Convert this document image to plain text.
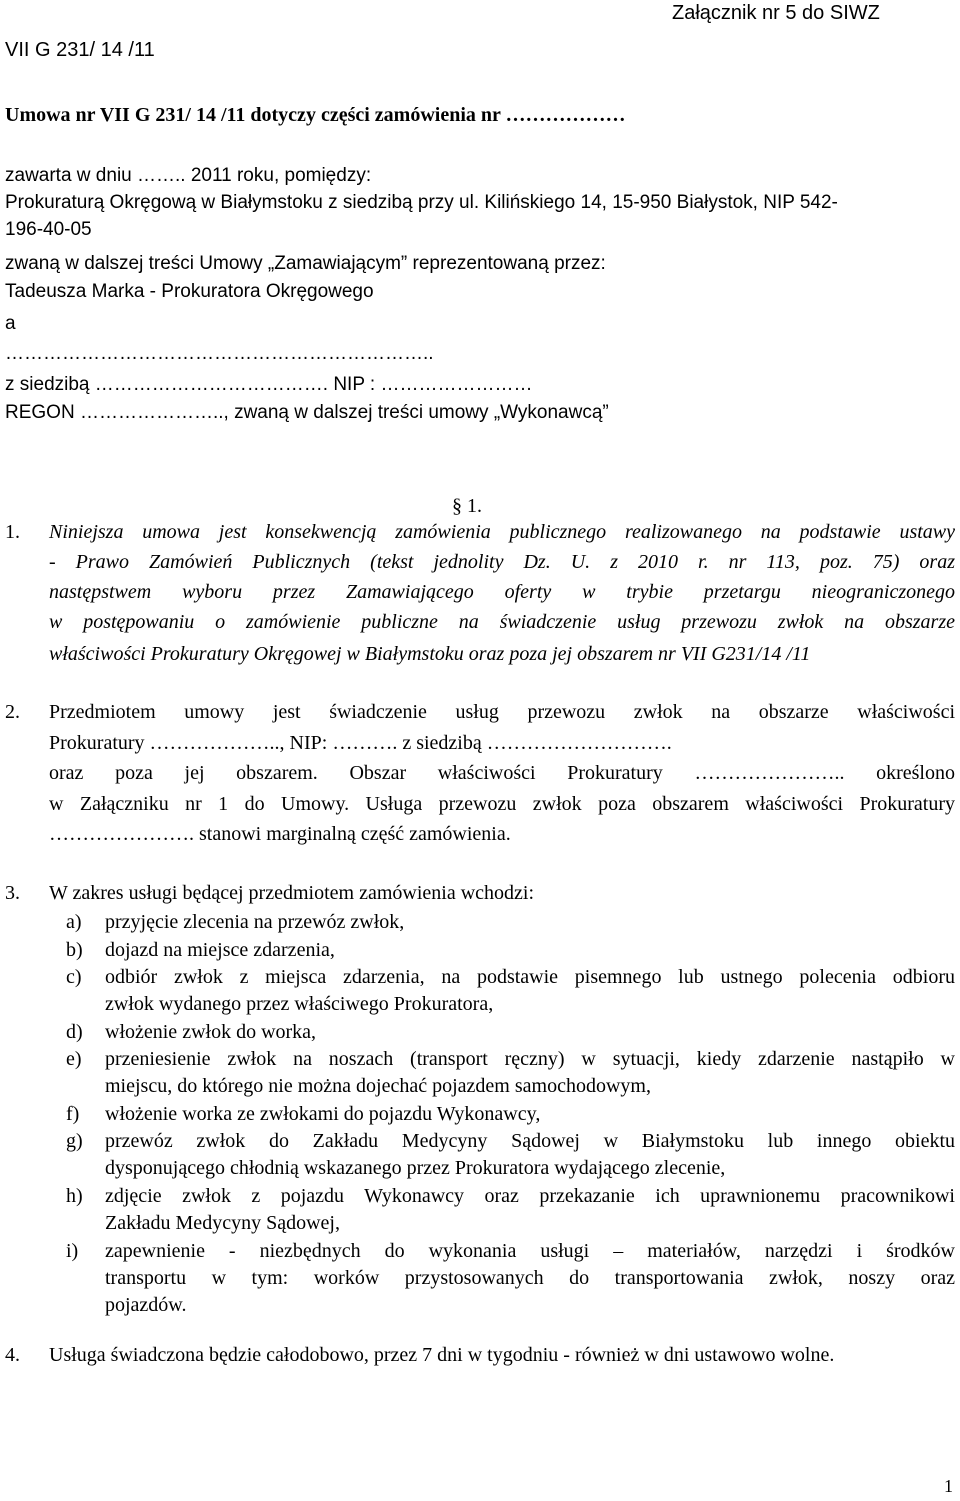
Załącznik nr 5 do SIWZ
VII G 231/ 14 /11
Umowa nr VII G 231/ 14 /11 dotyczy części zamówienia nr ………………
zawarta w dniu …….. 2011 roku, pomiędzy:
Prokuraturą Okręgową w Białymstoku z siedzibą przy ul. Kilińskiego 14, 15-950 Białystok, NIP 542-
196-40-05
zwaną w dalszej treści Umowy „Zamawiającym” reprezentowaną przez:
Tadeusza Marka - Prokuratora Okręgowego
a
…………………………………………………………..
z siedzibą ………………………………. NIP : ……………………
REGON ………………….., zwaną w dalszej treści umowy „Wykonawcą”
§ 1.
1. Niniejsza umowa jest konsekwencją zamówienia publicznego realizowanego na podstawie ustawy
- Prawo Zamówień Publicznych (tekst jednolity Dz. U. z 2010 r. nr 113, poz. 75) oraz
następstwem wyboru przez Zamawiającego oferty w trybie przetargu nieograniczonego
w postępowaniu o zamówienie publiczne na świadczenie usług przewozu zwłok na obszarze
właściwości Prokuratury Okręgowej w Białymstoku oraz poza jej obszarem nr VII G231/14 /11
2. Przedmiotem umowy jest świadczenie usług przewozu zwłok na obszarze właściwości
Prokuratury ……………….., NIP: ………. z siedzibą ……………………….
oraz poza jej obszarem. Obszar właściwości Prokuratury ………………….. określono
w Załączniku nr 1 do Umowy. Usługa przewozu zwłok poza obszarem właściwości Prokuratury
…………………. stanowi marginalną część zamówienia.
3. W zakres usługi będącej przedmiotem zamówienia wchodzi:
a) przyjęcie zlecenia na przewóz zwłok,
b) dojazd na miejsce zdarzenia,
c) odbiór zwłok z miejsca zdarzenia, na podstawie pisemnego lub ustnego polecenia odbioru
zwłok wydanego przez właściwego Prokuratora,
d) włożenie zwłok do worka,
e) przeniesienie zwłok na noszach (transport ręczny) w sytuacji, kiedy zdarzenie nastąpiło w
miejscu, do którego nie można dojechać pojazdem samochodowym,
f) włożenie worka ze zwłokami do pojazdu Wykonawcy,
g) przewóz zwłok do Zakładu Medycyny Sądowej w Białymstoku lub innego obiektu
dysponującego chłodnią wskazanego przez Prokuratora wydającego zlecenie,
h) zdjęcie zwłok z pojazdu Wykonawcy oraz przekazanie ich uprawnionemu pracownikowi
Zakładu Medycyny Sądowej,
i) zapewnienie - niezbędnych do wykonania usługi – materiałów, narzędzi i środków
transportu w tym: worków przystosowanych do transportowania zwłok, noszy oraz
pojazdów.
4. Usługa świadczona będzie całodobowo, przez 7 dni w tygodniu - również w dni ustawowo wolne.
1
